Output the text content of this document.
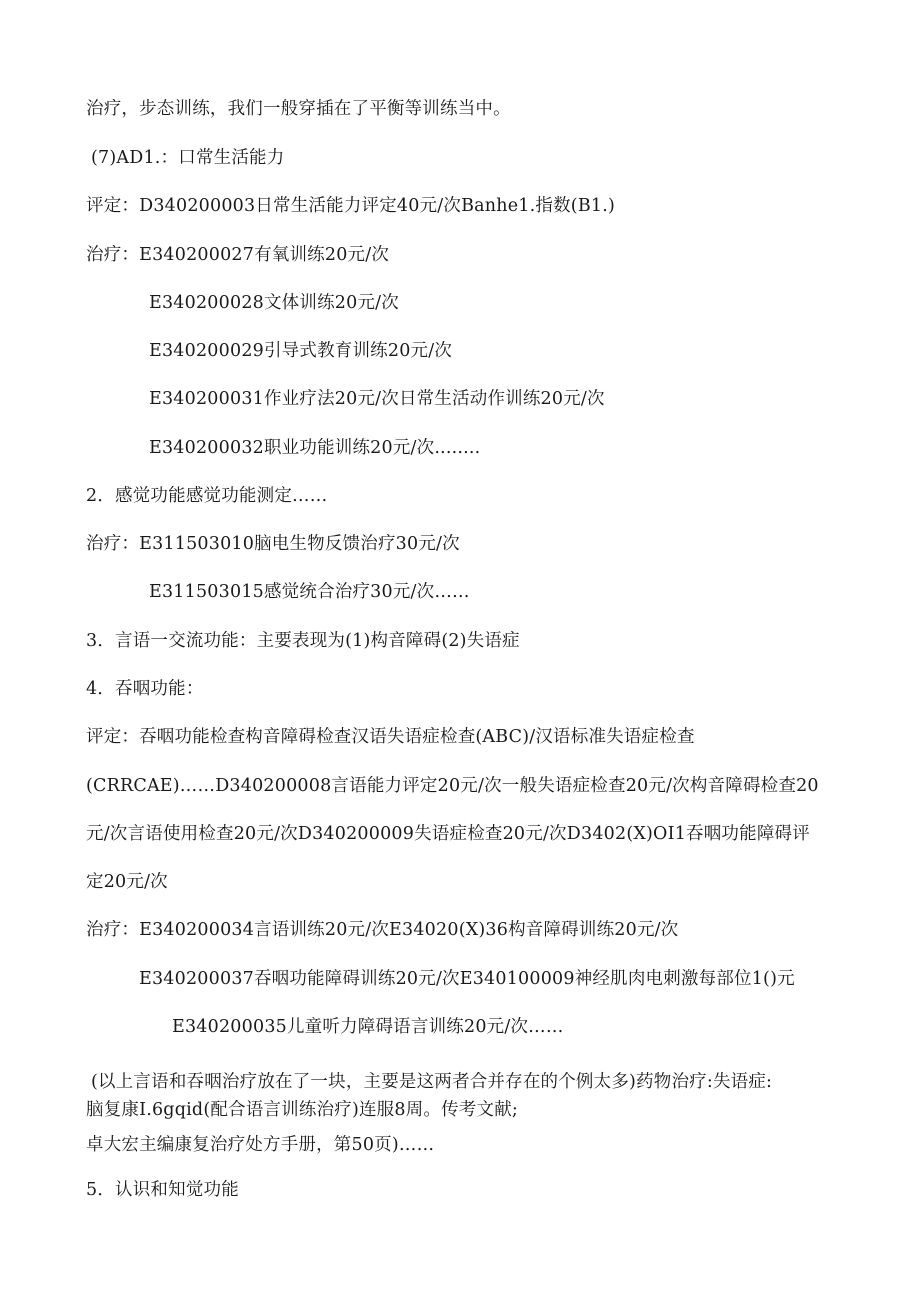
治疗，步态训练，我们一般穿插在了平衡等训练当中。
(7)AD1.：口常生活能力
评定：D340200003日常生活能力评定40元/次Banhe1.指数(B1.)
治疗：E340200027有氧训练20元/次
E340200028文体训练20元/次
E340200029引导式教育训练20元/次
E340200031作业疗法20元/次日常生活动作训练20元/次
E340200032职业功能训练20元/次........
2．感觉功能感觉功能测定……
治疗：E311503010脑电生物反馈治疗30元/次
E311503015感觉统合治疗30元/次……
3．言语一交流功能：主要表现为(1)构音障碍(2)失语症
4．吞咽功能：
评定：吞咽功能检查构音障碍检查汉语失语症检查(ABC)/汉语标准失语症检查
(CRRCAE)……D340200008言语能力评定20元/次一般失语症检查20元/次构音障碍检查20
元/次言语使用检查20元/次D340200009失语症检查20元/次D3402(X)OI1吞咽功能障碍评
定20元/次
治疗：E340200034言语训练20元/次E34020(X)36构音障碍训练20元/次
E340200037吞咽功能障碍训练20元/次E340100009神经肌肉电刺激每部位1()元
E340200035儿童听力障碍语言训练20元/次……
(以上言语和吞咽治疗放在了一块，主要是这两者合并存在的个例太多)药物治疗:失语症:
脑复康I.6gqid(配合语言训练治疗)连服8周。传考文献;
卓大宏主编康复治疗处方手册，第50页)……
5．认识和知觉功能
